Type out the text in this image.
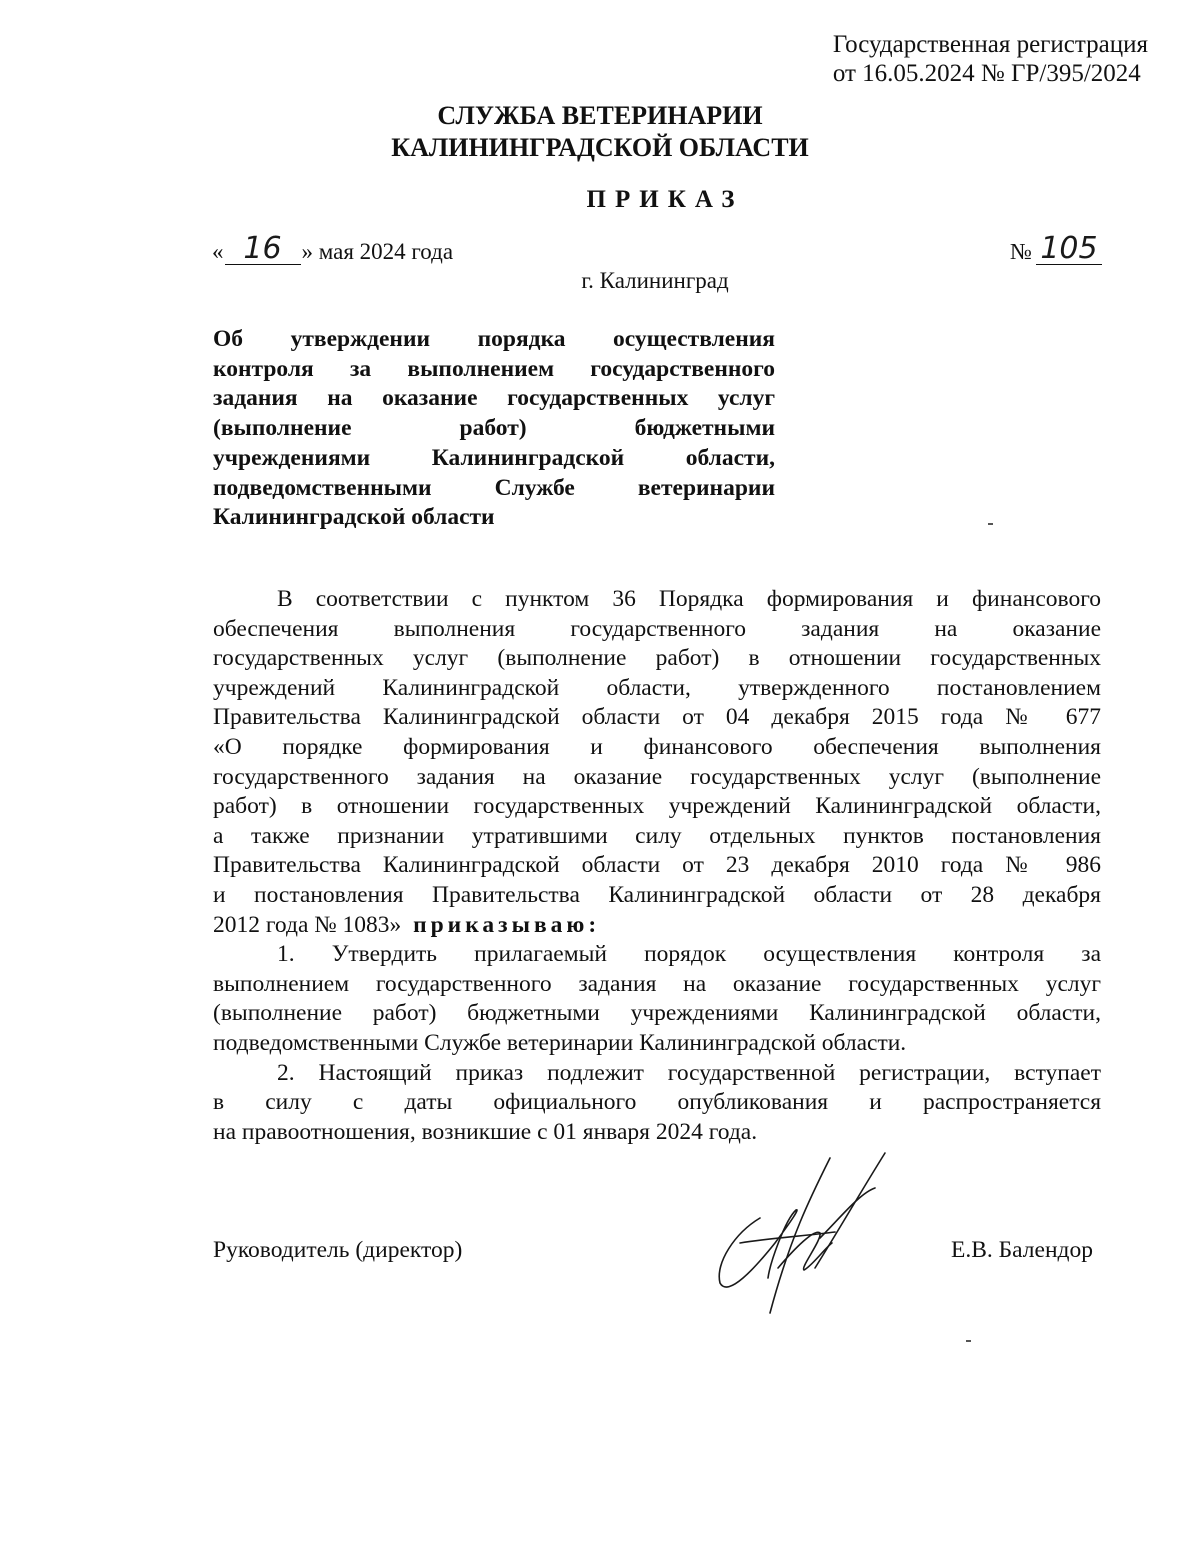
Государственная регистрация
от 16.05.2024 № ГР/395/2024
СЛУЖБА ВЕТЕРИНАРИИ
КАЛИНИНГРАДСКОЙ ОБЛАСТИ
ПРИКАЗ
« 16 » мая 2024 года	№ 105
г. Калининград
Об утверждении порядка осуществления
контроля за выполнением государственного
задания на оказание государственных услуг
(выполнение работ) бюджетными
учреждениями Калининградской области,
подведомственными Службе ветеринарии
Калининградской области
В соответствии с пунктом 36 Порядка формирования и финансового
обеспечения выполнения государственного задания на оказание
государственных услуг (выполнение работ) в отношении государственных
учреждений Калининградской области, утвержденного постановлением
Правительства Калининградской области от 04 декабря 2015 года № 677
«О порядке формирования и финансового обеспечения выполнения
государственного задания на оказание государственных услуг (выполнение
работ) в отношении государственных учреждений Калининградской области,
а также признании утратившими силу отдельных пунктов постановления
Правительства Калининградской области от 23 декабря 2010 года № 986
и постановления Правительства Калининградской области от 28 декабря
2012 года № 1083» приказываю:
1. Утвердить прилагаемый порядок осуществления контроля за
выполнением государственного задания на оказание государственных услуг
(выполнение работ) бюджетными учреждениями Калининградской области,
подведомственными Службе ветеринарии Калининградской области.
2. Настоящий приказ подлежит государственной регистрации, вступает
в силу с даты официального опубликования и распространяется
на правоотношения, возникшие с 01 января 2024 года.
Руководитель (директор)	Е.В. Балендор
